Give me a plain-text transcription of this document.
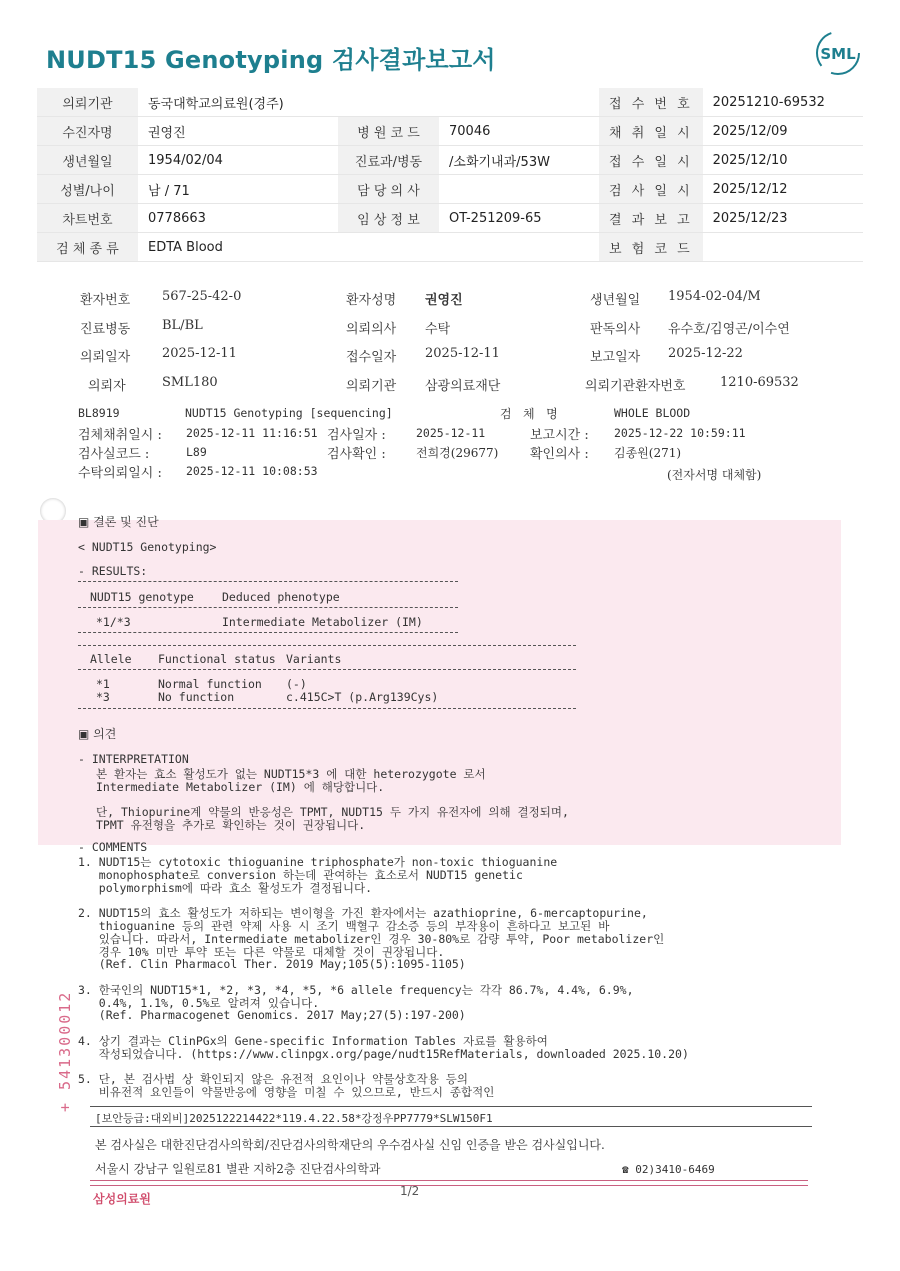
NUDT15 Genotyping 검사결과보고서	SML
의뢰기관	동국대학교의료원(경주)			접 수 번 호	20251210-69532
수진자명	권영진	병 원 코 드	70046	채 취 일 시	2025/12/09
생년월일	1954/02/04	진료과/병동	/소화기내과/53W	접 수 일 시	2025/12/10
성별/나이	남 / 71	담 당 의 사		검 사 일 시	2025/12/12
차트번호	0778663	임 상 정 보	OT-251209-65	결 과 보 고	2025/12/23
검 체 종 류	EDTA Blood			보 험 코 드	
환자번호 567-25-42-0	환자성명 권영진	생년월일 1954-02-04/M
진료병동 BL/BL	의뢰의사 수탁	판독의사 유수호/김영곤/이수연
의뢰일자 2025-12-11	접수일자 2025-12-11	보고일자 2025-12-22
의뢰자	SML180	의뢰기관 삼광의료재단	의뢰기관환자번호	1210-69532
BL8919	NUDT15 Genotyping [sequencing]	검   체   명	WHOLE BLOOD
검체채취일시 : 2025-12-11 11:16:51 검사일자 :	2025-12-11	보고시간 : 2025-12-22 10:59:11
검사실코드 :	L89	검사확인 :	전희경(29677) 확인의사 : 김종원(271)
수탁의뢰일시 : 2025-12-11 10:08:53	(전자서명 대체함)
▣ 결론 및 진단
< NUDT15 Genotyping>
- RESULTS:
NUDT15 genotype Deduced phenotype
*1/*3	Intermediate Metabolizer (IM)
Allele Functional status Variants
*1	Normal function (-)
*3	No function	c.415C>T (p.Arg139Cys)
▣ 의견
- INTERPRETATION
본 환자는 효소 활성도가 없는 NUDT15*3 에 대한 heterozygote 로서
Intermediate Metabolizer (IM) 에 해당합니다.
단, Thiopurine계 약물의 반응성은 TPMT, NUDT15 두 가지 유전자에 의해 결정되며,
TPMT 유전형을 추가로 확인하는 것이 권장됩니다.
- COMMENTS
1. NUDT15는 cytotoxic thioguanine triphosphate가 non-toxic thioguanine
monophosphate로 conversion 하는데 관여하는 효소로서 NUDT15 genetic
polymorphism에 따라 효소 활성도가 결정됩니다.
2. NUDT15의 효소 활성도가 저하되는 변이형을 가진 환자에서는 azathioprine, 6-mercaptopurine,
thioguanine 등의 관련 약제 사용 시 조기 백혈구 감소증 등의 부작용이 흔하다고 보고된 바
있습니다. 따라서, Intermediate metabolizer인 경우 30-80%로 감량 투약, Poor metabolizer인
경우 10% 미만 투약 또는 다른 약물로 대체할 것이 권장됩니다.
(Ref. Clin Pharmacol Ther. 2019 May;105(5):1095-1105)
3. 한국인의 NUDT15*1, *2, *3, *4, *5, *6 allele frequency는 각각 86.7%, 4.4%, 6.9%,
0.4%, 1.1%, 0.5%로 알려져 있습니다.
(Ref. Pharmacogenet Genomics. 2017 May;27(5):197-200)
4. 상기 결과는 ClinPGx의 Gene-specific Information Tables 자료를 활용하여
작성되었습니다. (https://www.clinpgx.org/page/nudt15RefMaterials, downloaded 2025.10.20)
5. 단, 본 검사법 상 확인되지 않은 유전적 요인이나 약물상호작용 등의
비유전적 요인들이 약물반응에 영향을 미칠 수 있으므로, 반드시 종합적인
+ 541300012
[보안등급:대외비]2025122214422*119.4.22.58*강정우PP7779*SLW150F1
본 검사실은 대한진단검사의학회/진단검사의학재단의 우수검사실 신임 인증을 받은 검사실입니다.
서울시 강남구 일원로81 별관 지하2층 진단검사의학과	☎ 02)3410-6469
삼성의료원
1/2
